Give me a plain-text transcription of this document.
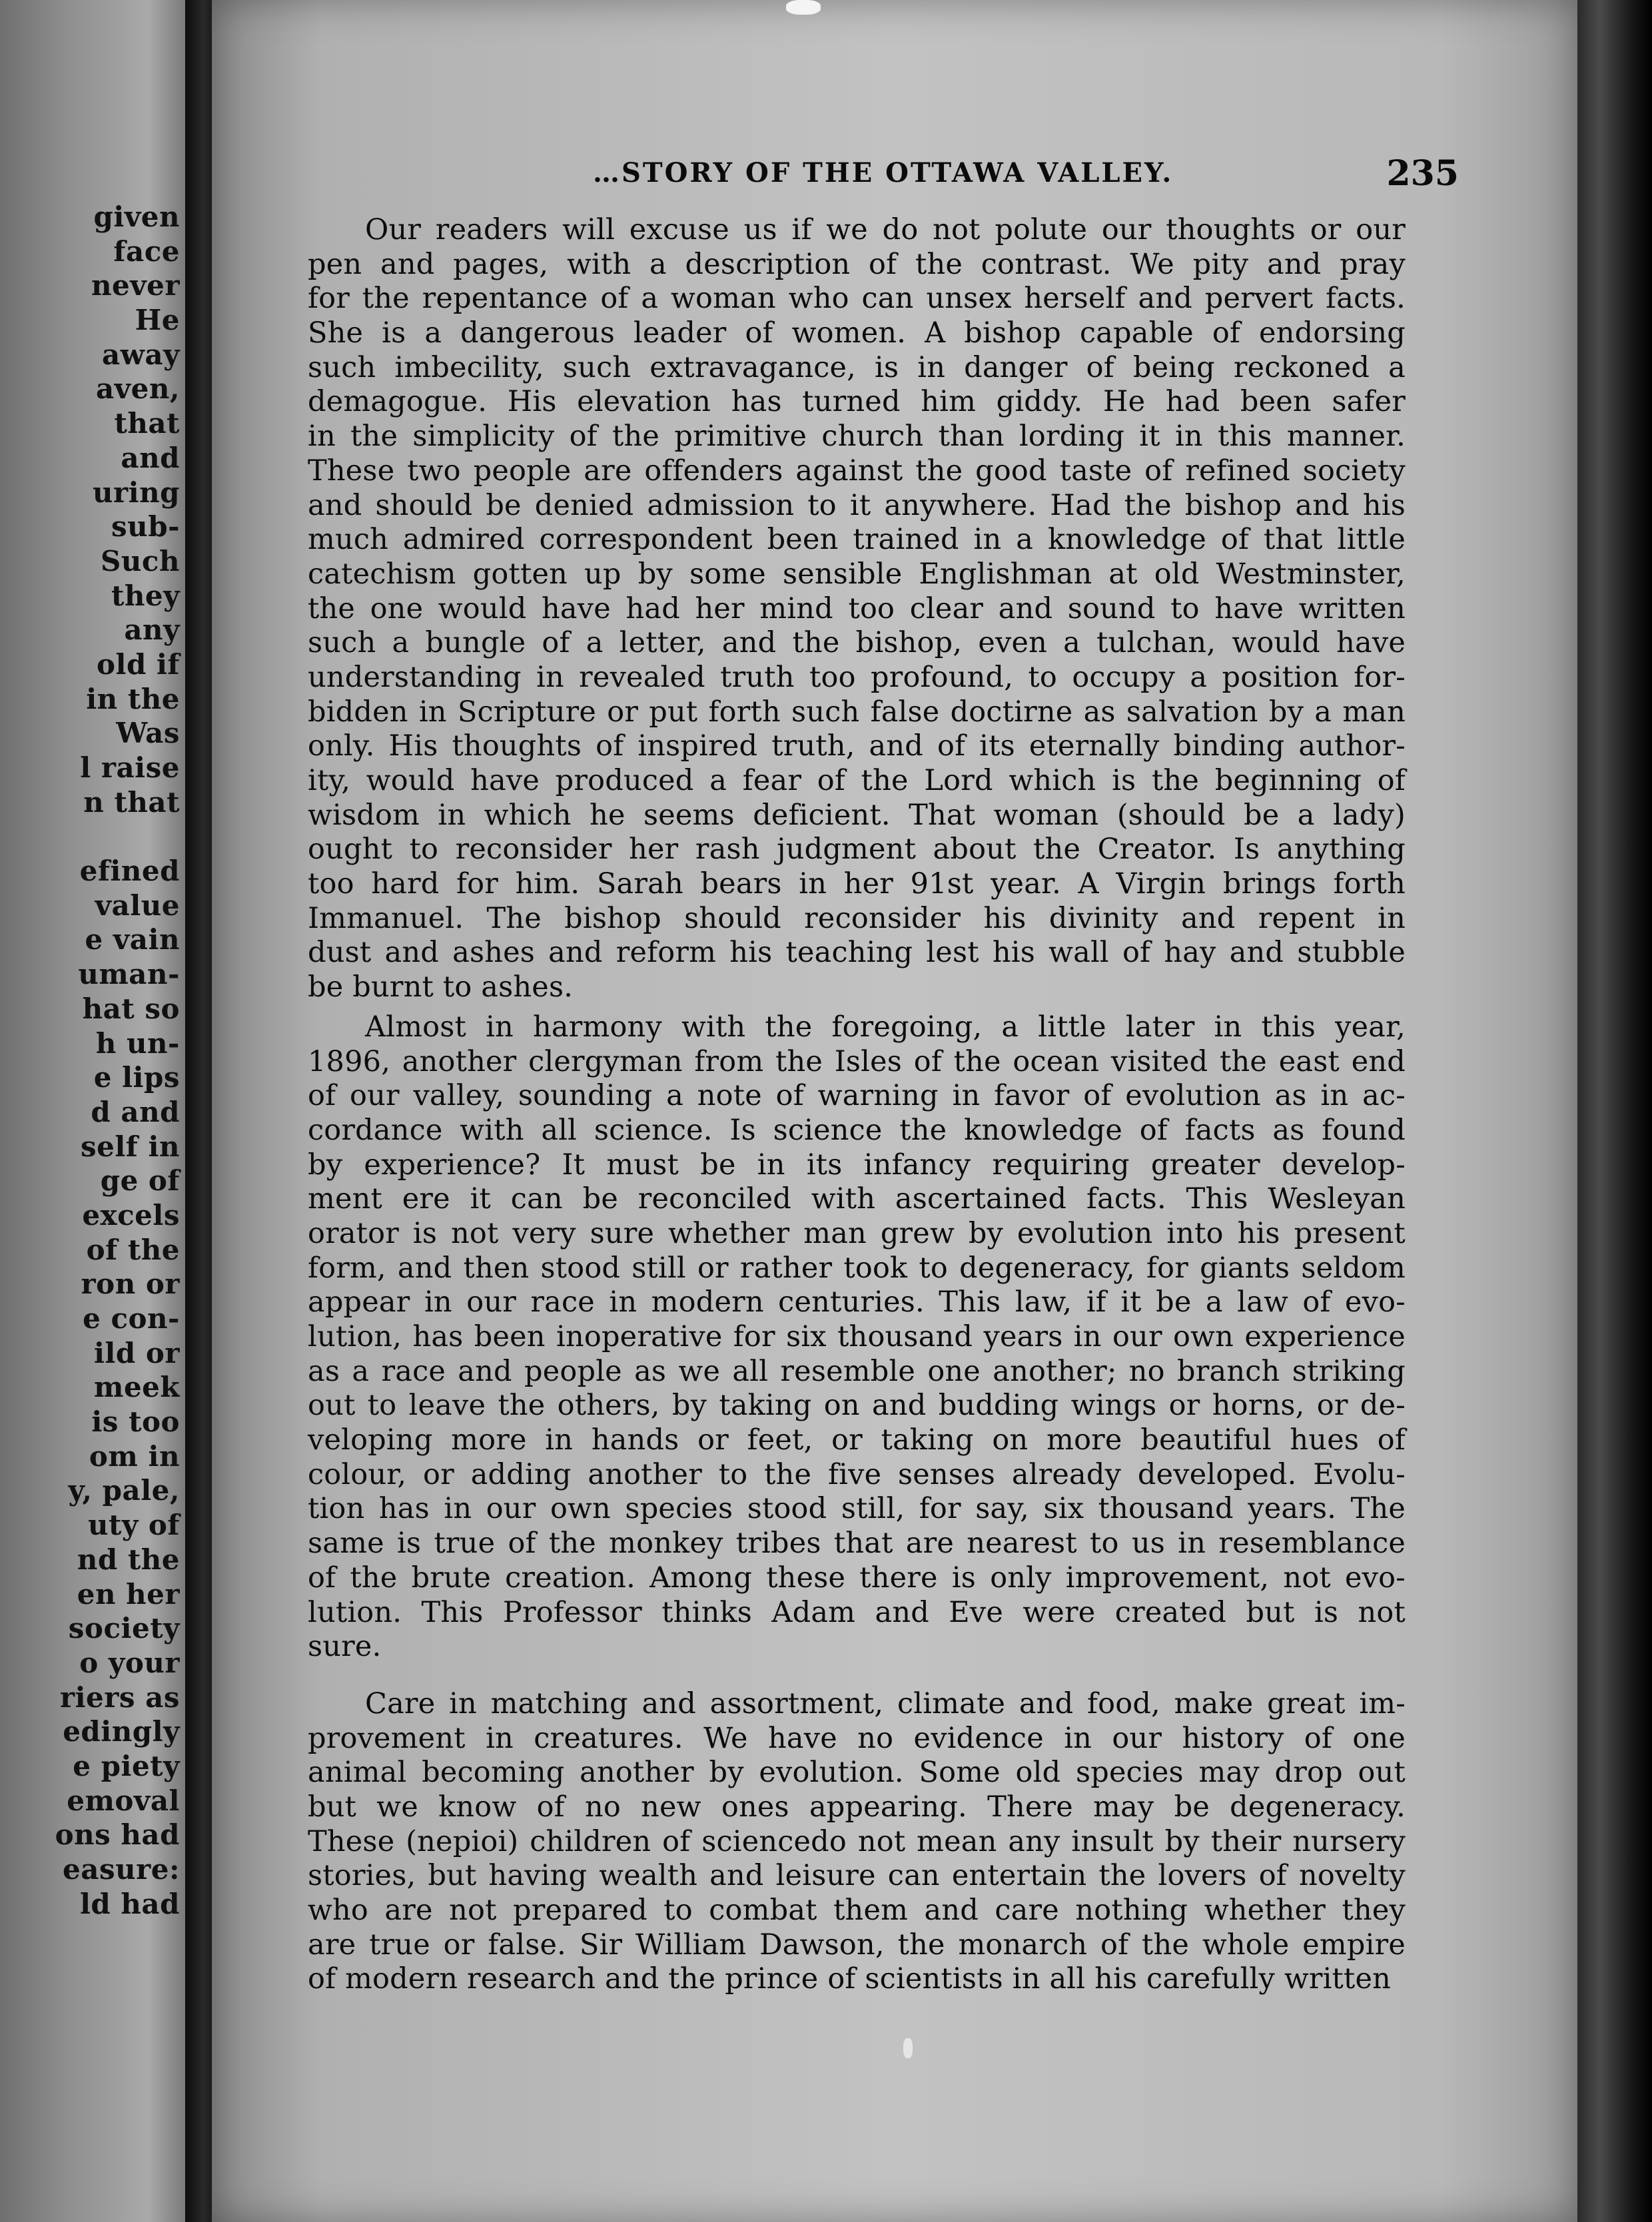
given
face
never
He
away
aven,
that
and
uring
sub-
Such
they
any
old if
in the
Was
l raise
n that
efined
value
e vain
uman-
hat so
h un-
e lips
d and
self in
ge of
excels
of the
ron or
e con-
ild or
meek
is too
om in
y, pale,
uty of
nd the
en her
society
o your
riers as
edingly
e piety
emoval
ons had
easure:
ld had
…STORY OF THE OTTAWA VALLEY.	235
Our readers will excuse us if we do not polute our thoughts or our
pen and pages, with a description of the contrast. We pity and pray
for the repentance of a woman who can unsex herself and pervert facts.
She is a dangerous leader of women. A bishop capable of endorsing
such imbecility, such extravagance, is in danger of being reckoned a
demagogue. His elevation has turned him giddy. He had been safer
in the simplicity of the primitive church than lording it in this manner.
These two people are offenders against the good taste of refined society
and should be denied admission to it anywhere. Had the bishop and his
much admired correspondent been trained in a knowledge of that little
catechism gotten up by some sensible Englishman at old Westminster,
the one would have had her mind too clear and sound to have written
such a bungle of a letter, and the bishop, even a tulchan, would have
understanding in revealed truth too profound, to occupy a position for-
bidden in Scripture or put forth such false doctirne as salvation by a man
only. His thoughts of inspired truth, and of its eternally binding author-
ity, would have produced a fear of the Lord which is the beginning of
wisdom in which he seems deficient. That woman (should be a lady)
ought to reconsider her rash judgment about the Creator. Is anything
too hard for him. Sarah bears in her 91st year. A Virgin brings forth
Immanuel. The bishop should reconsider his divinity and repent in
dust and ashes and reform his teaching lest his wall of hay and stubble
be burnt to ashes.
Almost in harmony with the foregoing, a little later in this year,
1896, another clergyman from the Isles of the ocean visited the east end
of our valley, sounding a note of warning in favor of evolution as in ac-
cordance with all science. Is science the knowledge of facts as found
by experience? It must be in its infancy requiring greater develop-
ment ere it can be reconciled with ascertained facts. This Wesleyan
orator is not very sure whether man grew by evolution into his present
form, and then stood still or rather took to degeneracy, for giants seldom
appear in our race in modern centuries. This law, if it be a law of evo-
lution, has been inoperative for six thousand years in our own experience
as a race and people as we all resemble one another; no branch striking
out to leave the others, by taking on and budding wings or horns, or de-
veloping more in hands or feet, or taking on more beautiful hues of
colour, or adding another to the five senses already developed. Evolu-
tion has in our own species stood still, for say, six thousand years. The
same is true of the monkey tribes that are nearest to us in resemblance
of the brute creation. Among these there is only improvement, not evo-
lution. This Professor thinks Adam and Eve were created but is not
sure.
Care in matching and assortment, climate and food, make great im-
provement in creatures. We have no evidence in our history of one
animal becoming another by evolution. Some old species may drop out
but we know of no new ones appearing. There may be degeneracy.
These (nepioi) children of sciencedo not mean any insult by their nursery
stories, but having wealth and leisure can entertain the lovers of novelty
who are not prepared to combat them and care nothing whether they
are true or false. Sir William Dawson, the monarch of the whole empire
of modern research and the prince of scientists in all his carefully written
